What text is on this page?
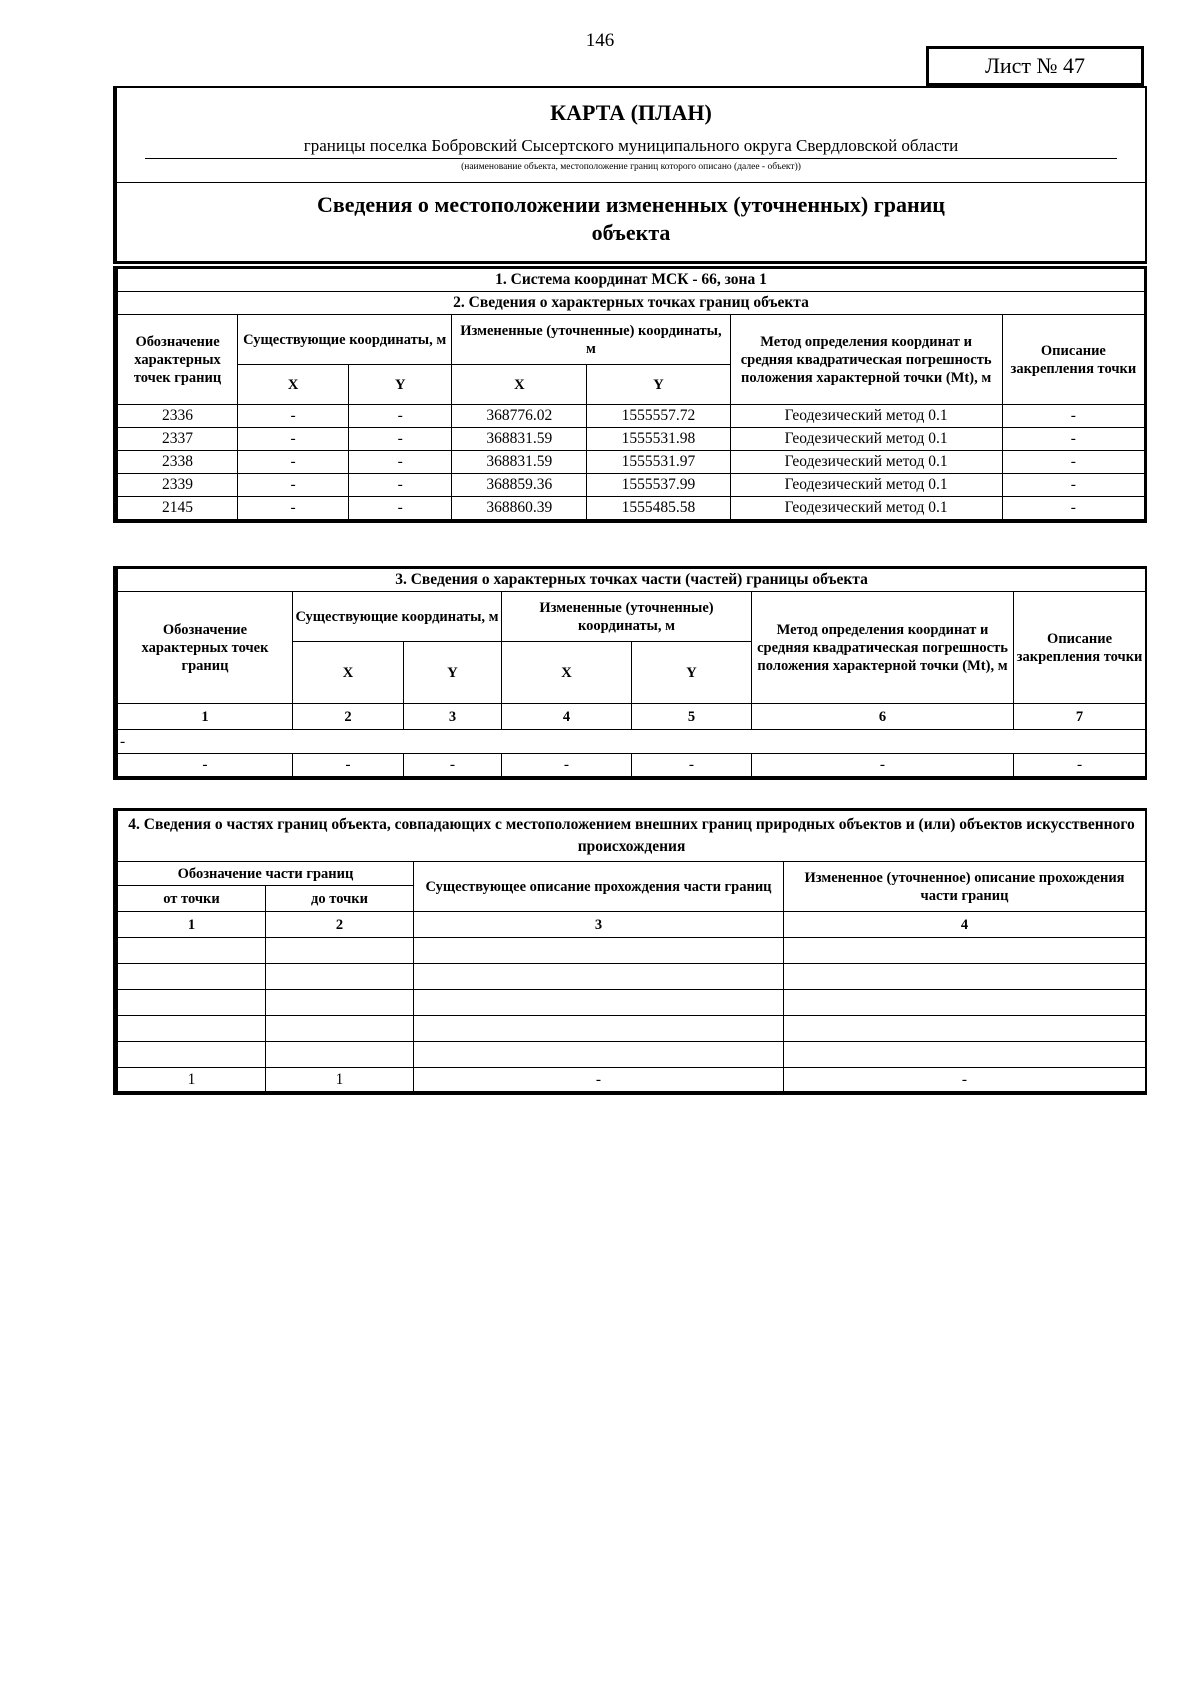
146
Лист № 47
КАРТА (ПЛАН)
границы поселка Бобровский Сысертского муниципального округа Свердловской области
(наименование объекта, местоположение границ которого описано (далее - объект))
Сведения о местоположении измененных (уточненных) границ объекта
1. Система координат МСК - 66, зона 1						
2. Сведения о характерных точках границ объекта						
Обозначение характерных точек границ	Существующие координаты, м		Измененные (уточненные) координаты, м		Метод определения координат и средняя квадратическая погрешность положения характерной точки (Mt), м	Описание закрепления точки
	X	Y	X	Y		
2336	-	-	368776.02	1555557.72	Геодезический метод 0.1	-
2337	-	-	368831.59	1555531.98	Геодезический метод 0.1	-
2338	-	-	368831.59	1555531.97	Геодезический метод 0.1	-
2339	-	-	368859.36	1555537.99	Геодезический метод 0.1	-
2145	-	-	368860.39	1555485.58	Геодезический метод 0.1	-
3. Сведения о характерных точках части (частей) границы объекта						
Обозначение характерных точек границ	Существующие координаты, м		Измененные (уточненные) координаты, м		Метод определения координат и средняя квадратическая погрешность положения характерной точки (Mt), м	Описание закрепления точки
	X	Y	X	Y		
1	2	3	4	5	6	7
-						
-	-	-	-	-	-	-
4. Сведения о частях границ объекта, совпадающих с местоположением внешних границ природных объектов и (или) объектов искусственного происхождения			
Обозначение части границ		Существующее описание прохождения части границ	Измененное (уточненное) описание прохождения части границ
от точки	до точки		
1	2	3	4

1	1	-	-
